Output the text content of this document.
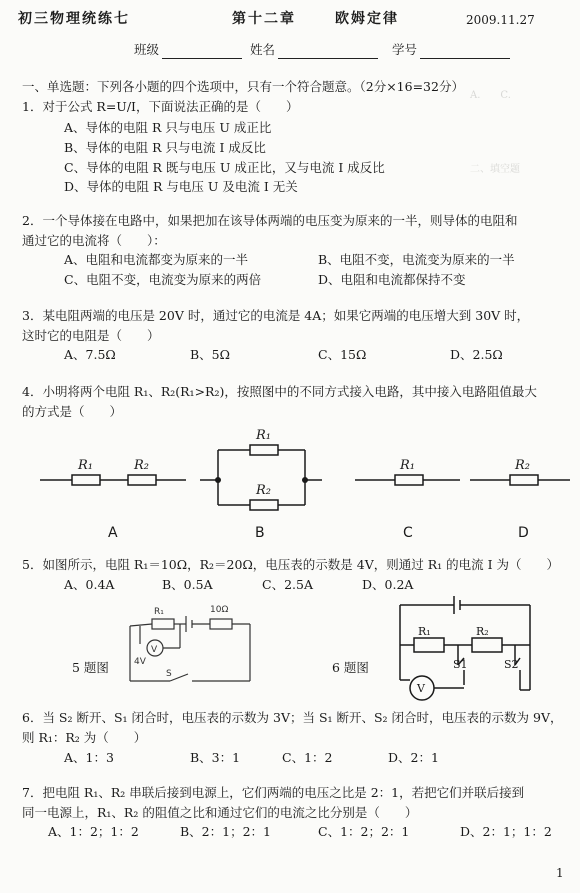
A.　　C.
二、填空题
初三物理统练七	第十二章	欧姆定律	2009.11.27
班级	姓名	学号
一、单选题：下列各小题的四个选项中，只有一个符合题意。（2分×16=32分）
1．对于公式 R=U/I，下面说法正确的是（　　）
A、导体的电阻 R 只与电压 U 成正比
B、导体的电阻 R 只与电流 I 成反比
C、导体的电阻 R 既与电压 U 成正比，又与电流 I 成反比
D、导体的电阻 R 与电压 U 及电流 I 无关
2．一个导体接在电路中，如果把加在该导体两端的电压变为原来的一半，则导体的电阻和
通过它的电流将（　　）：
A、电阻和电流都变为原来的一半	B、电阻不变，电流变为原来的一半
C、电阻不变，电流变为原来的两倍	D、电阻和电流都保持不变
3．某电阻两端的电压是 20V 时，通过它的电流是 4A；如果它两端的电压增大到 30V 时，
这时它的电阻是（　　）
A、7.5Ω	B、5Ω	C、15Ω	D、2.5Ω
4．小明将两个电阻 R₁、R₂(R₁>R₂)，按照图中的不同方式接入电路，其中接入电路阻值最大
的方式是（　　）
R₁	R₂
R₁
R₂
R₁	R₂
A	B	C	D
5．如图所示，电阻 R₁＝10Ω，R₂＝20Ω，电压表的示数是 4V，则通过 R₁ 的电流 I 为（　　）
A、0.4A	B、0.5A	C、2.5A	D、0.2A
R₁	10Ω
V
4V
S
R₁	R₂
V
S1	S2
5 题图	6 题图
6．当 S₂ 断开、S₁ 闭合时，电压表的示数为 3V；当 S₁ 断开、S₂ 闭合时，电压表的示数为 9V，
则 R₁：R₂ 为（　　）
A、1：3	B、3：1	C、1：2	D、2：1
7．把电阻 R₁、R₂ 串联后接到电源上，它们两端的电压之比是 2：1，若把它们并联后接到
同一电源上，R₁、R₂ 的阻值之比和通过它们的电流之比分别是（　　）
A、1：2；1：2	B、2：1；2：1	C、1：2；2：1	D、2：1；1：2
1
